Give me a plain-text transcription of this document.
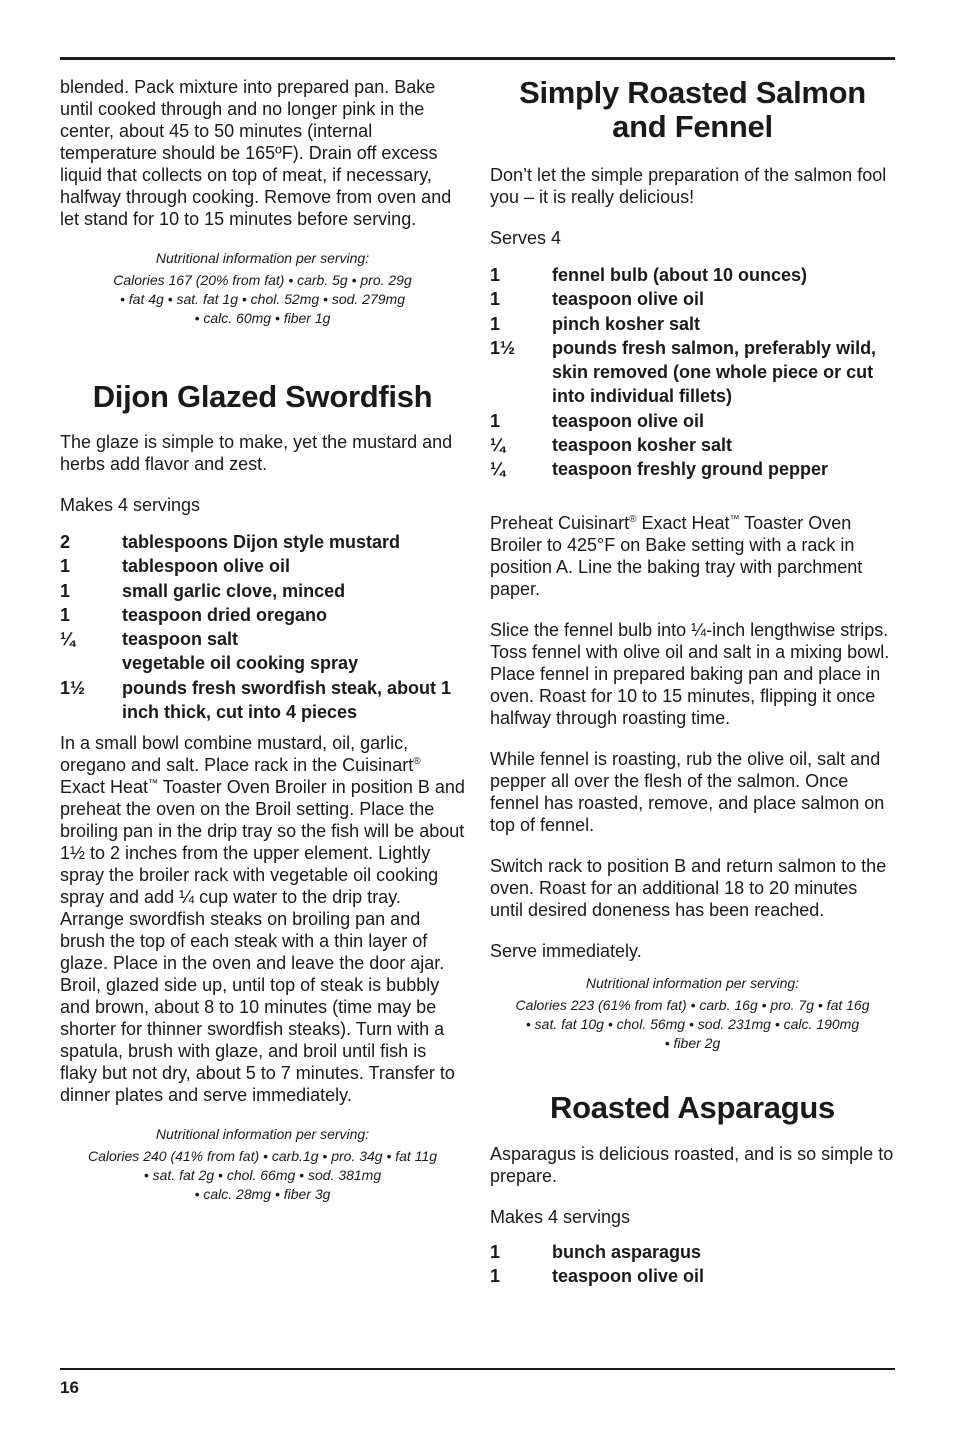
blended. Pack mixture into prepared pan. Bake until cooked through and no longer pink in the center, about 45 to 50 minutes (internal temperature should be 165ºF). Drain off excess liquid that collects on top of meat, if necessary, halfway through cooking. Remove from oven and let stand for 10 to 15 minutes before serving.

Nutritional information per serving:

Calories 167 (20% from fat) • carb. 5g • pro. 29g

• fat 4g • sat. fat 1g • chol. 52mg • sod. 279mg

• calc. 60mg • fiber 1g

Dijon Glazed Swordfish

The glaze is simple to make, yet the mustard and herbs add flavor and zest.

Makes 4 servings

2	tablespoons Dijon style mustard
1	tablespoon olive oil
1	small garlic clove, minced
1	teaspoon dried oregano
¼	teaspoon salt
vegetable oil cooking spray
1½	pounds fresh swordfish steak, about 1 inch thick, cut into 4 pieces

In a small bowl combine mustard, oil, garlic, oregano and salt. Place rack in the Cuisinart® Exact Heat™ Toaster Oven Broiler in position B and preheat the oven on the Broil setting. Place the broiling pan in the drip tray so the fish will be about 1½ to 2 inches from the upper element. Lightly spray the broiler rack with vegetable oil cooking spray and add ¼ cup water to the drip tray. Arrange swordfish steaks on broiling pan and brush the top of each steak with a thin layer of glaze. Place in the oven and leave the door ajar. Broil, glazed side up, until top of steak is bubbly and brown, about 8 to 10 minutes (time may be shorter for thinner swordfish steaks). Turn with a spatula, brush with glaze, and broil until fish is flaky but not dry, about 5 to 7 minutes. Transfer to dinner plates and serve immediately.

Nutritional information per serving:

Calories 240 (41% from fat) • carb.1g • pro. 34g • fat 11g

• sat. fat 2g • chol. 66mg • sod. 381mg

• calc. 28mg • fiber 3g

Simply Roasted Salmon and Fennel

Don’t let the simple preparation of the salmon fool you – it is really delicious!

Serves 4

1	fennel bulb (about 10 ounces)
1	teaspoon olive oil
1	pinch kosher salt
1½	pounds fresh salmon, preferably wild, skin removed (one whole piece or cut into individual fillets)
1	teaspoon olive oil
¼	teaspoon kosher salt
¼	teaspoon freshly ground pepper

Preheat Cuisinart® Exact Heat™ Toaster Oven Broiler to 425°F on Bake setting with a rack in position A. Line the baking tray with parchment paper.

Slice the fennel bulb into ¼-inch lengthwise strips. Toss fennel with olive oil and salt in a mixing bowl. Place fennel in prepared baking pan and place in oven. Roast for 10 to 15 minutes, flipping it once halfway through roasting time.

While fennel is roasting, rub the olive oil, salt and pepper all over the flesh of the salmon. Once fennel has roasted, remove, and place salmon on top of fennel.

Switch rack to position B and return salmon to the oven. Roast for an additional 18 to 20 minutes until desired doneness has been reached.

Serve immediately.

Nutritional information per serving:

Calories 223 (61% from fat) • carb. 16g • pro. 7g • fat 16g

• sat. fat 10g • chol. 56mg • sod. 231mg • calc. 190mg

• fiber 2g

Roasted Asparagus

Asparagus is delicious roasted, and is so simple to prepare.

Makes 4 servings

1	bunch asparagus
1	teaspoon olive oil
16
